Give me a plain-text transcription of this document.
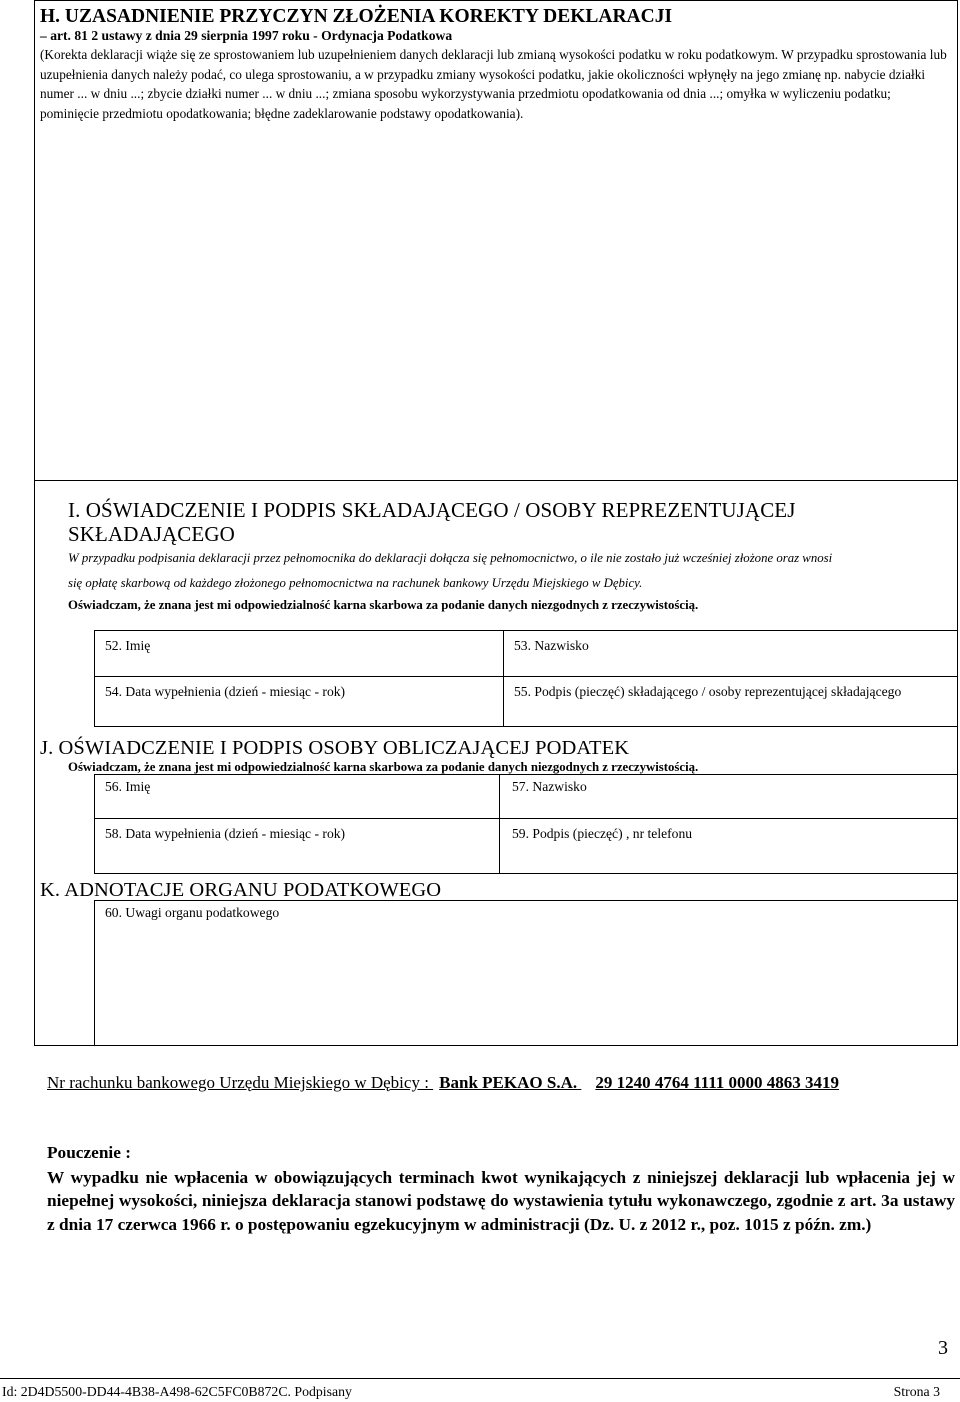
H. UZASADNIENIE PRZYCZYN ZŁOŻENIA KOREKTY DEKLARACJI
– art. 81 2 ustawy z dnia 29 sierpnia 1997 roku - Ordynacja Podatkowa
(Korekta deklaracji wiąże się ze sprostowaniem lub uzupełnieniem danych deklaracji lub zmianą wysokości podatku w roku podatkowym. W przypadku sprostowania lub uzupełnienia danych należy podać, co ulega sprostowaniu, a w przypadku zmiany wysokości podatku, jakie okoliczności wpłynęły na jego zmianę np. nabycie działki numer ... w dniu ...; zbycie działki numer ... w dniu ...; zmiana sposobu wykorzystywania przedmiotu opodatkowania od dnia ...; omyłka w wyliczeniu podatku; pominięcie przedmiotu opodatkowania; błędne zadeklarowanie podstawy opodatkowania).
I. OŚWIADCZENIE I PODPIS SKŁADAJĄCEGO / OSOBY REPREZENTUJĄCEJ
SKŁADAJĄCEGO
W przypadku podpisania deklaracji przez pełnomocnika do deklaracji dołącza się pełnomocnictwo, o ile nie zostało już wcześniej złożone oraz wnosi
się opłatę skarbową od każdego złożonego pełnomocnictwa na rachunek bankowy Urzędu Miejskiego w Dębicy.
Oświadczam, że znana jest mi odpowiedzialność karna skarbowa za podanie danych niezgodnych z rzeczywistością.
52. Imię	53. Nazwisko
54. Data wypełnienia (dzień - miesiąc - rok)	55. Podpis (pieczęć) składającego / osoby reprezentującej składającego
J. OŚWIADCZENIE I PODPIS OSOBY OBLICZAJĄCEJ PODATEK
Oświadczam, że znana jest mi odpowiedzialność karna skarbowa za podanie danych niezgodnych z rzeczywistością.
56. Imię	57. Nazwisko
58. Data wypełnienia (dzień - miesiąc - rok)	59. Podpis (pieczęć) , nr telefonu
K. ADNOTACJE ORGANU PODATKOWEGO
60. Uwagi organu podatkowego
Nr rachunku bankowego Urzędu Miejskiego w Dębicy : Bank PEKAO S.A. 29 1240 4764 1111 0000 4863 3419
Pouczenie :
W wypadku nie wpłacenia w obowiązujących terminach kwot wynikających z niniejszej deklaracji lub wpłacenia jej w niepełnej wysokości, niniejsza deklaracja stanowi podstawę do wystawienia tytułu wykonawczego, zgodnie z art. 3a ustawy z dnia 17 czerwca 1966 r. o postępowaniu egzekucyjnym w administracji (Dz. U. z 2012 r., poz. 1015 z późn. zm.)
3
Id: 2D4D5500-DD44-4B38-A498-62C5FC0B872C. Podpisany	Strona 3
